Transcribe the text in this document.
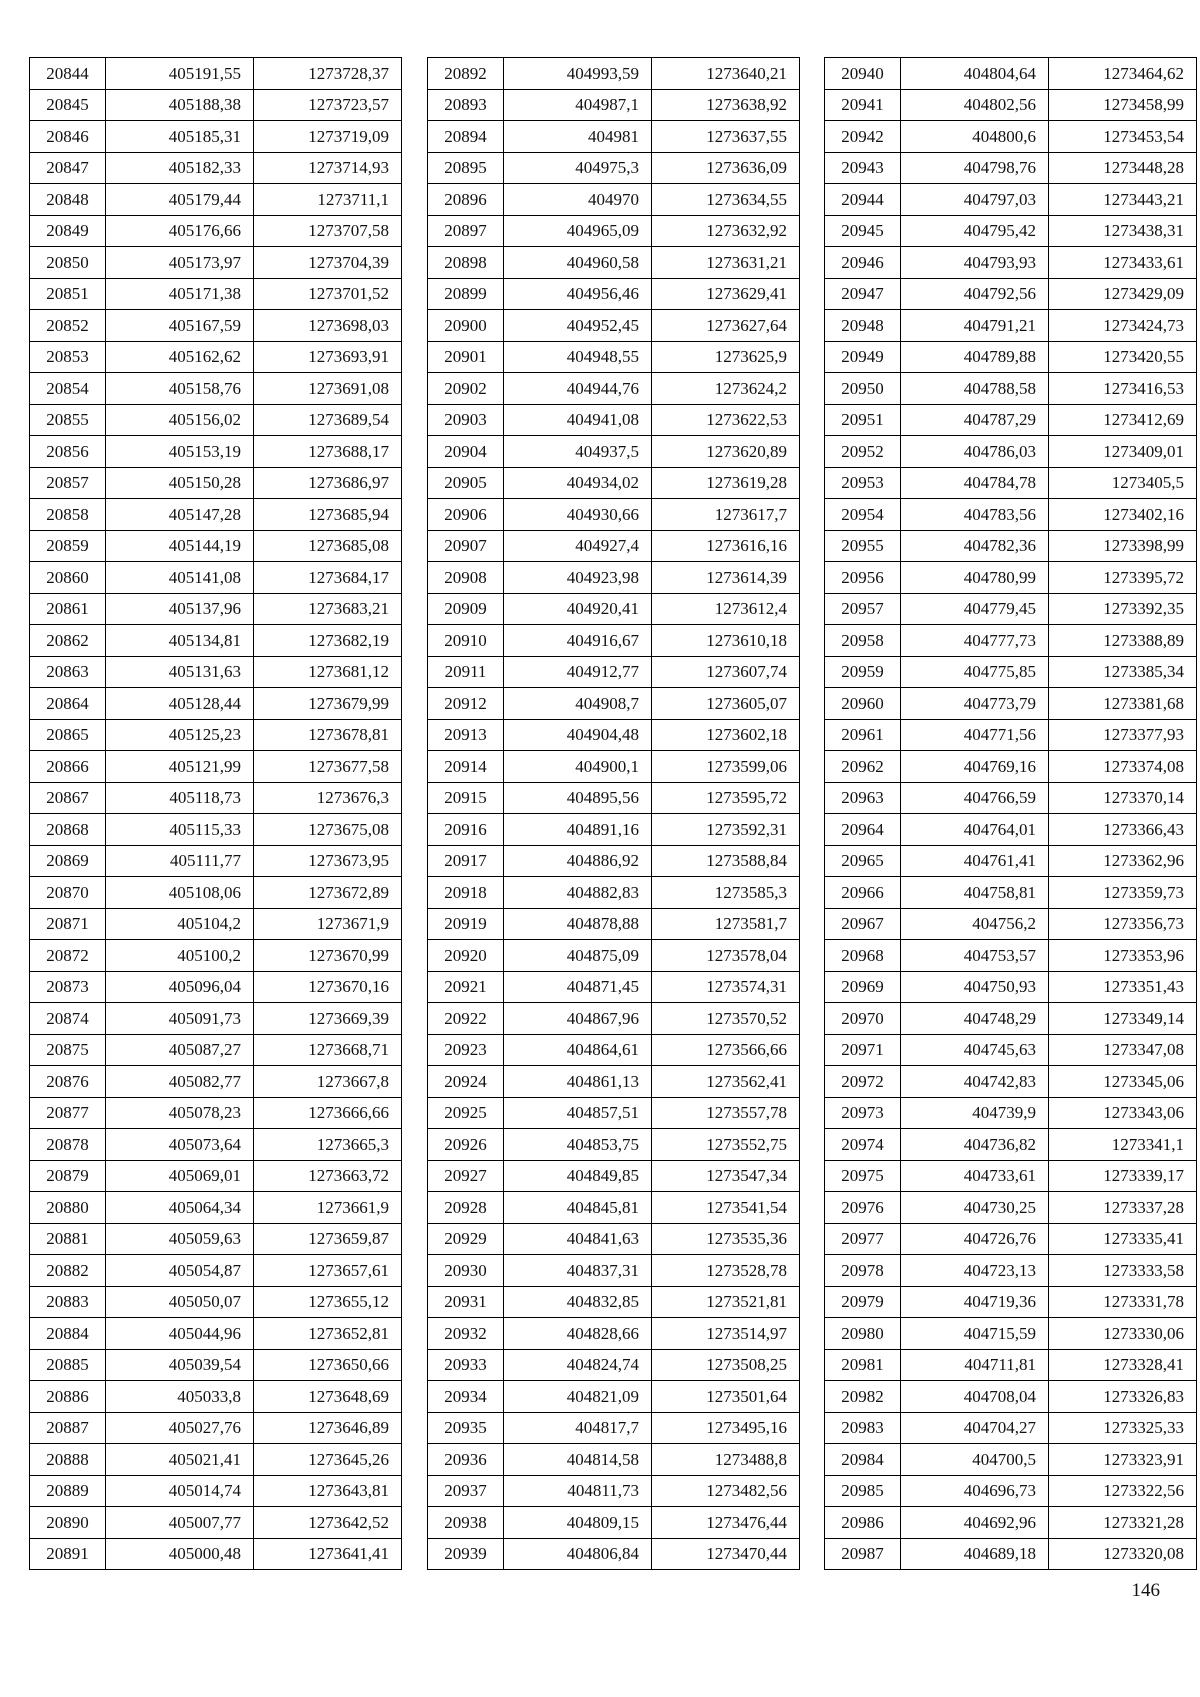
20844	405191,55	1273728,37
20845	405188,38	1273723,57
20846	405185,31	1273719,09
20847	405182,33	1273714,93
20848	405179,44	1273711,1
20849	405176,66	1273707,58
20850	405173,97	1273704,39
20851	405171,38	1273701,52
20852	405167,59	1273698,03
20853	405162,62	1273693,91
20854	405158,76	1273691,08
20855	405156,02	1273689,54
20856	405153,19	1273688,17
20857	405150,28	1273686,97
20858	405147,28	1273685,94
20859	405144,19	1273685,08
20860	405141,08	1273684,17
20861	405137,96	1273683,21
20862	405134,81	1273682,19
20863	405131,63	1273681,12
20864	405128,44	1273679,99
20865	405125,23	1273678,81
20866	405121,99	1273677,58
20867	405118,73	1273676,3
20868	405115,33	1273675,08
20869	405111,77	1273673,95
20870	405108,06	1273672,89
20871	405104,2	1273671,9
20872	405100,2	1273670,99
20873	405096,04	1273670,16
20874	405091,73	1273669,39
20875	405087,27	1273668,71
20876	405082,77	1273667,8
20877	405078,23	1273666,66
20878	405073,64	1273665,3
20879	405069,01	1273663,72
20880	405064,34	1273661,9
20881	405059,63	1273659,87
20882	405054,87	1273657,61
20883	405050,07	1273655,12
20884	405044,96	1273652,81
20885	405039,54	1273650,66
20886	405033,8	1273648,69
20887	405027,76	1273646,89
20888	405021,41	1273645,26
20889	405014,74	1273643,81
20890	405007,77	1273642,52
20891	405000,48	1273641,41
20892	404993,59	1273640,21
20893	404987,1	1273638,92
20894	404981	1273637,55
20895	404975,3	1273636,09
20896	404970	1273634,55
20897	404965,09	1273632,92
20898	404960,58	1273631,21
20899	404956,46	1273629,41
20900	404952,45	1273627,64
20901	404948,55	1273625,9
20902	404944,76	1273624,2
20903	404941,08	1273622,53
20904	404937,5	1273620,89
20905	404934,02	1273619,28
20906	404930,66	1273617,7
20907	404927,4	1273616,16
20908	404923,98	1273614,39
20909	404920,41	1273612,4
20910	404916,67	1273610,18
20911	404912,77	1273607,74
20912	404908,7	1273605,07
20913	404904,48	1273602,18
20914	404900,1	1273599,06
20915	404895,56	1273595,72
20916	404891,16	1273592,31
20917	404886,92	1273588,84
20918	404882,83	1273585,3
20919	404878,88	1273581,7
20920	404875,09	1273578,04
20921	404871,45	1273574,31
20922	404867,96	1273570,52
20923	404864,61	1273566,66
20924	404861,13	1273562,41
20925	404857,51	1273557,78
20926	404853,75	1273552,75
20927	404849,85	1273547,34
20928	404845,81	1273541,54
20929	404841,63	1273535,36
20930	404837,31	1273528,78
20931	404832,85	1273521,81
20932	404828,66	1273514,97
20933	404824,74	1273508,25
20934	404821,09	1273501,64
20935	404817,7	1273495,16
20936	404814,58	1273488,8
20937	404811,73	1273482,56
20938	404809,15	1273476,44
20939	404806,84	1273470,44
20940	404804,64	1273464,62
20941	404802,56	1273458,99
20942	404800,6	1273453,54
20943	404798,76	1273448,28
20944	404797,03	1273443,21
20945	404795,42	1273438,31
20946	404793,93	1273433,61
20947	404792,56	1273429,09
20948	404791,21	1273424,73
20949	404789,88	1273420,55
20950	404788,58	1273416,53
20951	404787,29	1273412,69
20952	404786,03	1273409,01
20953	404784,78	1273405,5
20954	404783,56	1273402,16
20955	404782,36	1273398,99
20956	404780,99	1273395,72
20957	404779,45	1273392,35
20958	404777,73	1273388,89
20959	404775,85	1273385,34
20960	404773,79	1273381,68
20961	404771,56	1273377,93
20962	404769,16	1273374,08
20963	404766,59	1273370,14
20964	404764,01	1273366,43
20965	404761,41	1273362,96
20966	404758,81	1273359,73
20967	404756,2	1273356,73
20968	404753,57	1273353,96
20969	404750,93	1273351,43
20970	404748,29	1273349,14
20971	404745,63	1273347,08
20972	404742,83	1273345,06
20973	404739,9	1273343,06
20974	404736,82	1273341,1
20975	404733,61	1273339,17
20976	404730,25	1273337,28
20977	404726,76	1273335,41
20978	404723,13	1273333,58
20979	404719,36	1273331,78
20980	404715,59	1273330,06
20981	404711,81	1273328,41
20982	404708,04	1273326,83
20983	404704,27	1273325,33
20984	404700,5	1273323,91
20985	404696,73	1273322,56
20986	404692,96	1273321,28
20987	404689,18	1273320,08
146
